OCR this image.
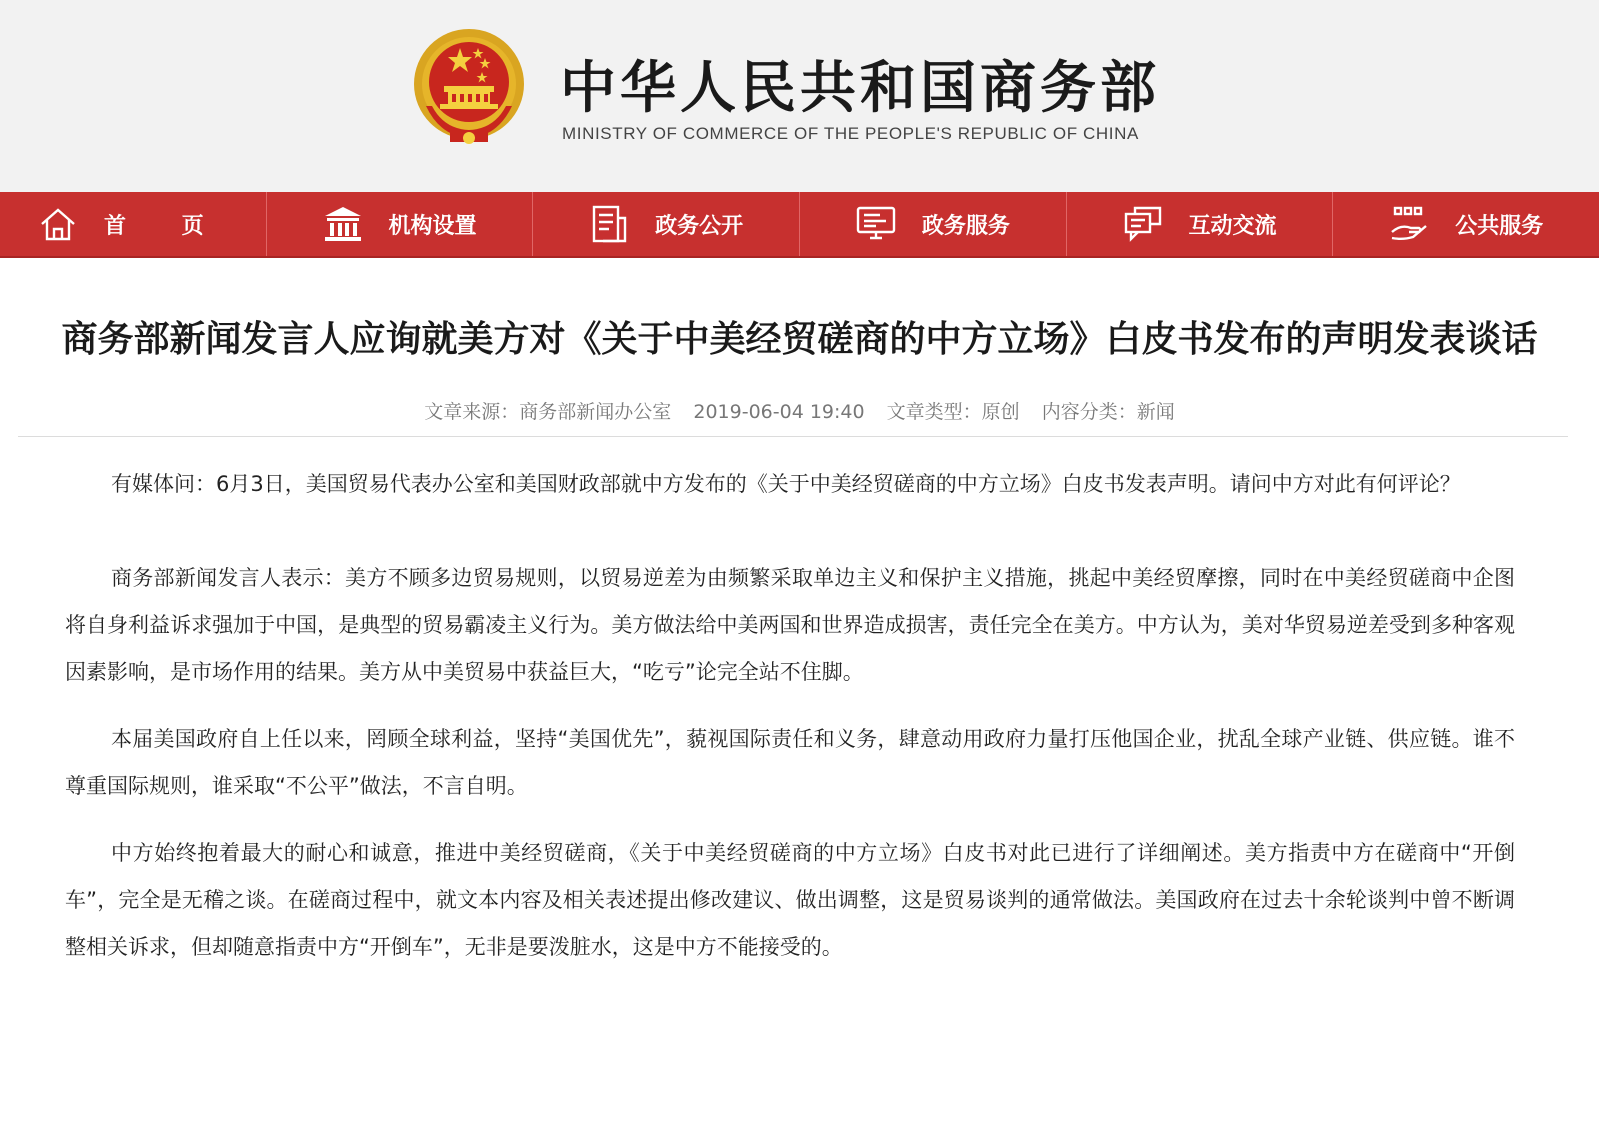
中华人民共和国商务部
MINISTRY OF COMMERCE OF THE PEOPLE'S REPUBLIC OF CHINA
首 页	机构设置	政务公开	政务服务	互动交流	公共服务
商务部新闻发言人应询就美方对《关于中美经贸磋商的中方立场》白皮书发布的声明发表谈话
文章来源：商务部新闻办公室 2019-06-04 19:40 文章类型：原创 内容分类：新闻

有媒体问：6月3日，美国贸易代表办公室和美国财政部就中方发布的《关于中美经贸磋商的中方立场》白皮书发表声明。请问中方对此有何评论？

商务部新闻发言人表示：美方不顾多边贸易规则，以贸易逆差为由频繁采取单边主义和保护主义措施，挑起中美经贸摩擦，同时在中美经贸磋商中企图将自身利益诉求强加于中国，是典型的贸易霸凌主义行为。美方做法给中美两国和世界造成损害，责任完全在美方。中方认为，美对华贸易逆差受到多种客观因素影响，是市场作用的结果。美方从中美贸易中获益巨大，“吃亏”论完全站不住脚。

本届美国政府自上任以来，罔顾全球利益，坚持“美国优先”，藐视国际责任和义务，肆意动用政府力量打压他国企业，扰乱全球产业链、供应链。谁不尊重国际规则，谁采取“不公平”做法，不言自明。

中方始终抱着最大的耐心和诚意，推进中美经贸磋商，《关于中美经贸磋商的中方立场》白皮书对此已进行了详细阐述。美方指责中方在磋商中“开倒车”，完全是无稽之谈。在磋商过程中，就文本内容及相关表述提出修改建议、做出调整，这是贸易谈判的通常做法。美国政府在过去十余轮谈判中曾不断调整相关诉求，但却随意指责中方“开倒车”，无非是要泼脏水，这是中方不能接受的。
